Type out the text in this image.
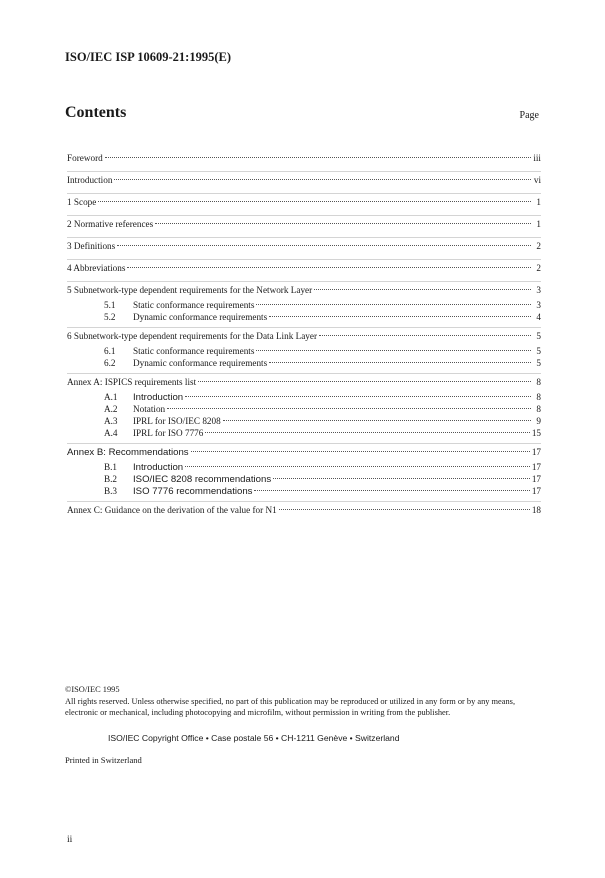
ISO/IEC ISP 10609-21:1995(E)
Contents	Page
Foreword	iii
Introduction	vi
1 Scope	1
2 Normative references	1
3 Definitions	2
4 Abbreviations	2
5 Subnetwork-type dependent requirements for the Network Layer	3
5.1	Static conformance requirements	3
5.2	Dynamic conformance requirements	4
6 Subnetwork-type dependent requirements for the Data Link Layer	5
6.1	Static conformance requirements	5
6.2	Dynamic conformance requirements	5
Annex A: ISPICS requirements list	8
A.1	Introduction	8
A.2	Notation	8
A.3	IPRL for ISO/IEC 8208	9
A.4	IPRL for ISO 7776	15
Annex B: Recommendations	17
B.1	Introduction	17
B.2	ISO/IEC 8208 recommendations	17
B.3	ISO 7776 recommendations	17
Annex C: Guidance on the derivation of the value for N1	18
©ISO/IEC 1995
All rights reserved. Unless otherwise specified, no part of this publication may be reproduced or utilized in any form or by any means, electronic or mechanical, including photocopying and microfilm, without permission in writing from the publisher.
ISO/IEC Copyright Office • Case postale 56 • CH-1211 Genève • Switzerland
Printed in Switzerland
ii
